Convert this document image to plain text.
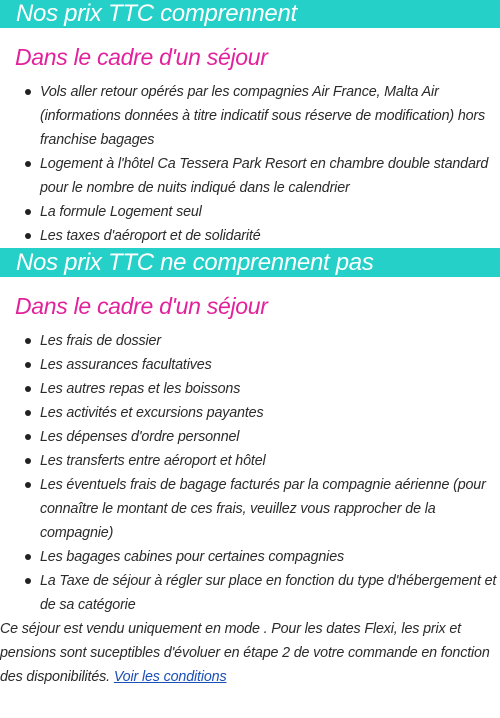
Nos prix TTC comprennent
Dans le cadre d'un séjour
Vols aller retour opérés par les compagnies Air France, Malta Air (informations données à titre indicatif sous réserve de modification) hors franchise bagages
Logement à l'hôtel Ca Tessera Park Resort en chambre double standard pour le nombre de nuits indiqué dans le calendrier
La formule Logement seul
Les taxes d'aéroport et de solidarité
Nos prix TTC ne comprennent pas
Dans le cadre d'un séjour
Les frais de dossier
Les assurances facultatives
Les autres repas et les boissons
Les activités et excursions payantes
Les dépenses d'ordre personnel
Les transferts entre aéroport et hôtel
Les éventuels frais de bagage facturés par la compagnie aérienne (pour connaître le montant de ces frais, veuillez vous rapprocher de la compagnie)
Les bagages cabines pour certaines compagnies
La Taxe de séjour à régler sur place en fonction du type d'hébergement et de sa catégorie
Ce séjour est vendu uniquement en mode . Pour les dates Flexi, les prix et pensions sont suceptibles d'évoluer en étape 2 de votre commande en fonction des disponibilités. Voir les conditions
